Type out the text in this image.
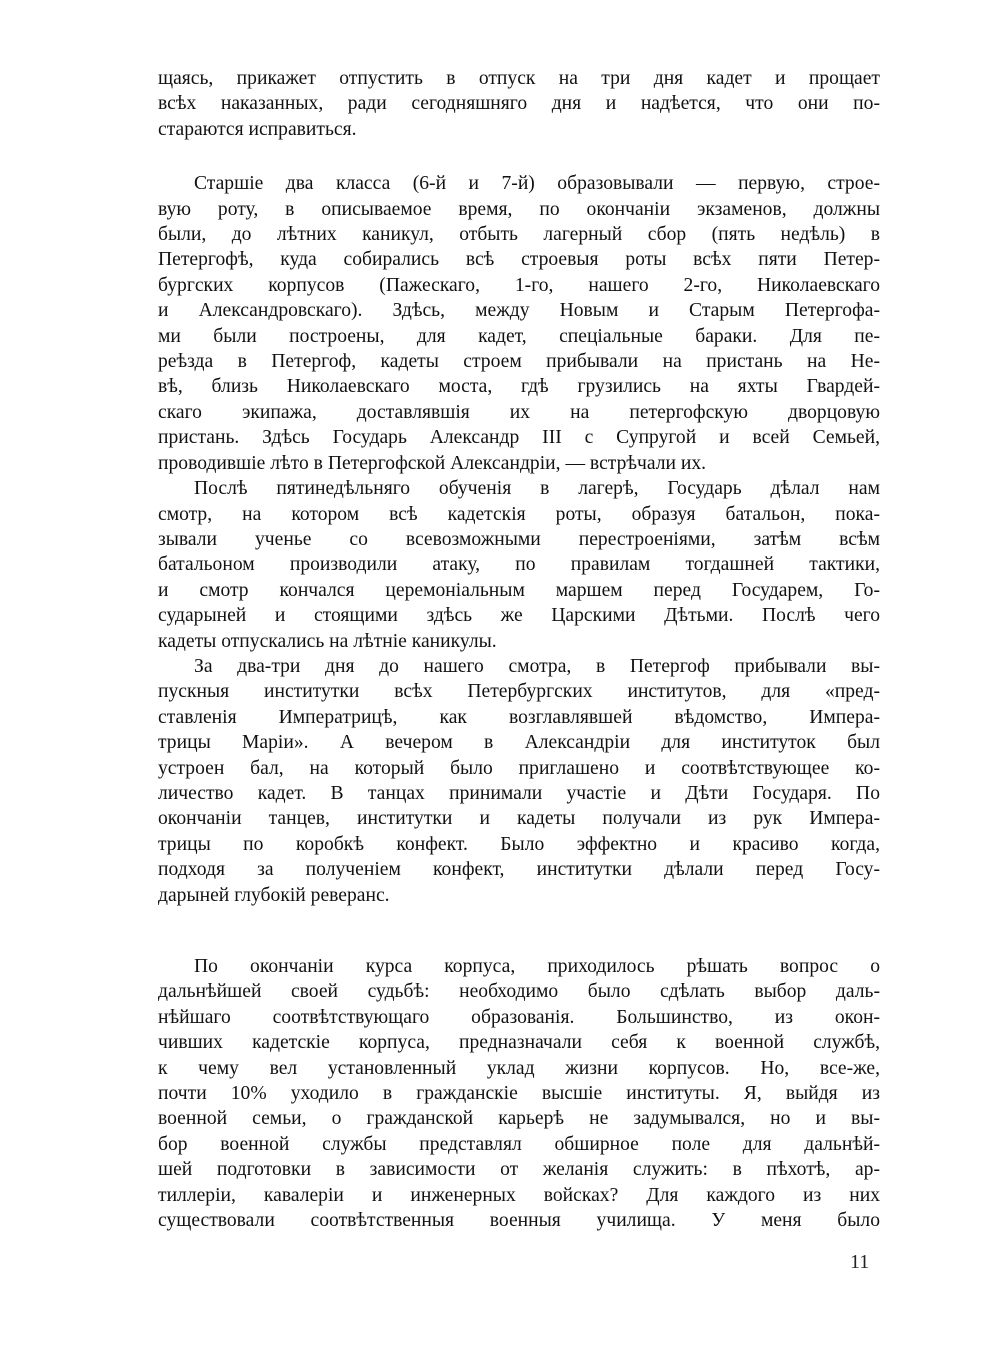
щаясь, прикажет отпустить в отпуск на три дня кадет и прощает
всѣх наказанных, ради сегодняшняго дня и надѣется, что они по-
стараются исправиться.

Старшіе два класса (6-й и 7-й) образовывали — первую, строе-
вую роту, в описываемое время, по окончаніи экзаменов, должны
были, до лѣтних каникул, отбыть лагерный сбор (пять недѣль) в
Петергофѣ, куда собирались всѣ строевыя роты всѣх пяти Петер-
бургских корпусов (Пажескаго, 1-го, нашего 2-го, Николаевскаго
и Александровскаго). Здѣсь, между Новым и Старым Петергофа-
ми были построены, для кадет, спеціальные бараки. Для пе-
реѣзда в Петергоф, кадеты строем прибывали на пристань на Не-
вѣ, близь Николаевскаго моста, гдѣ грузились на яхты Гвардей-
скаго экипажа, доставлявшія их на петергофскую дворцовую
пристань. Здѣсь Государь Александр III с Супругой и всей Семьей,
проводившіе лѣто в Петергофской Александріи, — встрѣчали их.

Послѣ пятинедѣльняго обученія в лагерѣ, Государь дѣлал нам
смотр, на котором всѣ кадетскія роты, образуя батальон, пока-
зывали ученье со всевозможными перестроеніями, затѣм всѣм
батальоном производили атаку, по правилам тогдашней тактики,
и смотр кончался церемоніальным маршем перед Государем, Го-
сударыней и стоящими здѣсь же Царскими Дѣтьми. Послѣ чего
кадеты отпускались на лѣтніе каникулы.

За два-три дня до нашего смотра, в Петергоф прибывали вы-
пускныя институтки всѣх Петербургских институтов, для «пред-
ставленія Императрицѣ, как возглавлявшей вѣдомство, Импера-
трицы Маріи». А вечером в Александріи для институток был
устроен бал, на который было приглашено и соотвѣтствующее ко-
личество кадет. В танцах принимали участіе и Дѣти Государя. По
окончаніи танцев, институтки и кадеты получали из рук Импера-
трицы по коробкѣ конфект. Было эффектно и красиво когда,
подходя за полученіем конфект, институтки дѣлали перед Госу-
дарыней глубокій реверанс.

По окончаніи курса корпуса, приходилось рѣшать вопрос о
дальнѣйшей своей судьбѣ: необходимо было сдѣлать выбор даль-
нѣйшаго соотвѣтствующаго образованія. Большинство, из окон-
чивших кадетскіе корпуса, предназначали себя к военной службѣ,
к чему вел установленный уклад жизни корпусов. Но, все-же,
почти 10% уходило в гражданскіе высшіе институты. Я, выйдя из
военной семьи, о гражданской карьерѣ не задумывался, но и вы-
бор военной службы представлял обширное поле для дальнѣй-
шей подготовки в зависимости от желанія служить: в пѣхотѣ, ар-
тиллеріи, кавалеріи и инженерных войсках? Для каждого из них
существовали соотвѣтственныя военныя училища. У меня было

11
